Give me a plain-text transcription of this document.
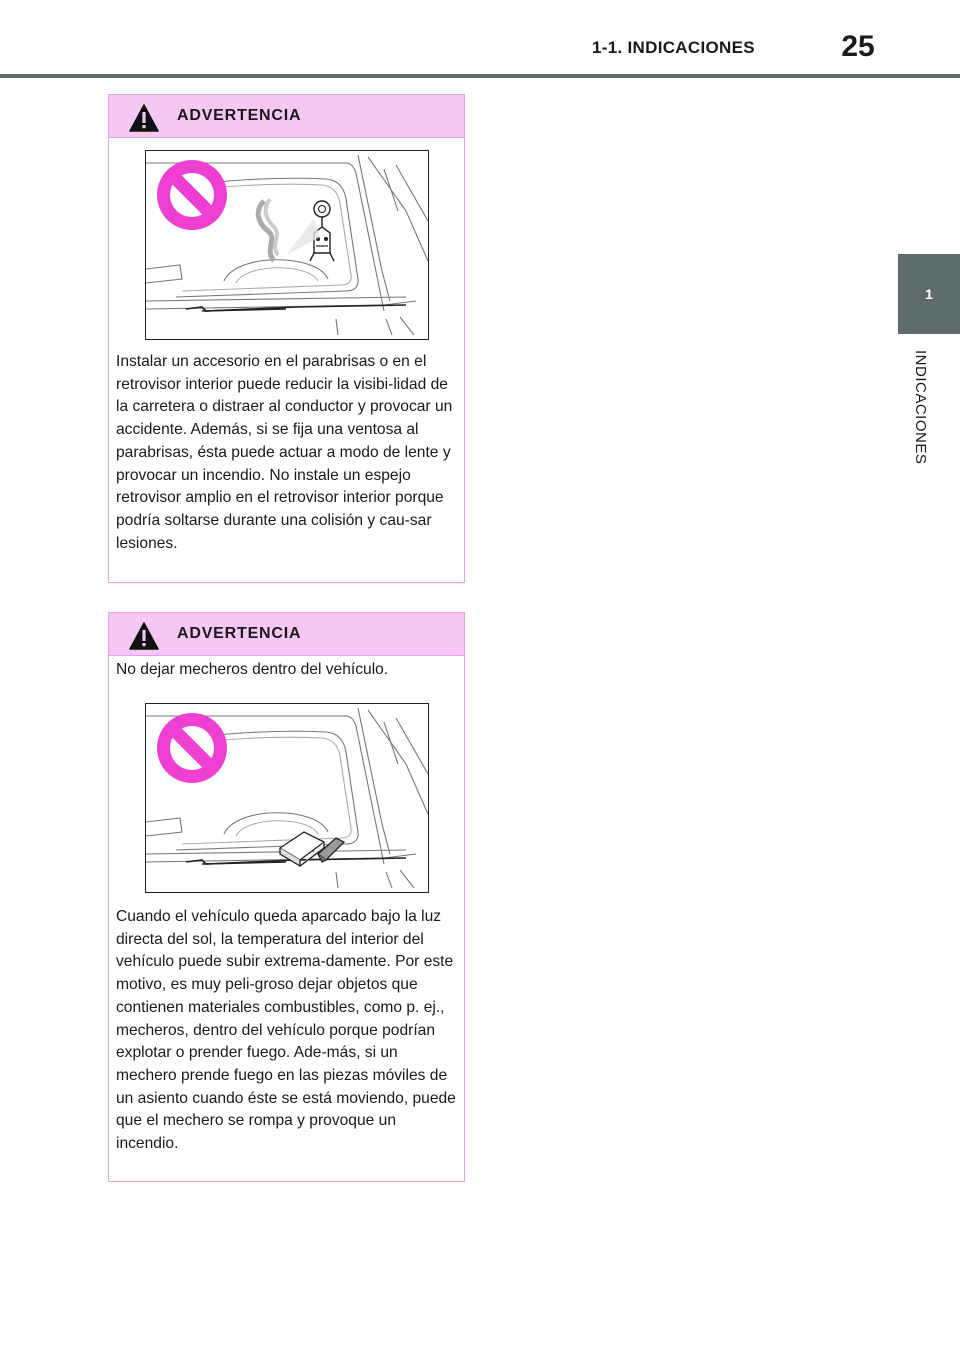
1-1. INDICACIONES	25
1
INDICACIONES
ADVERTENCIA

Instalar un accesorio en el parabrisas o en el retrovisor interior puede reducir la visibi-lidad de la carretera o distraer al conductor y provocar un accidente. Además, si se fija una ventosa al parabrisas, ésta puede actuar a modo de lente y provocar un incendio. No instale un espejo retrovisor amplio en el retrovisor interior porque podría soltarse durante una colisión y cau-sar lesiones.

ADVERTENCIA

No dejar mecheros dentro del vehículo.

Cuando el vehículo queda aparcado bajo la luz directa del sol, la temperatura del interior del vehículo puede subir extrema-damente. Por este motivo, es muy peli-groso dejar objetos que contienen materiales combustibles, como p. ej., mecheros, dentro del vehículo porque podrían explotar o prender fuego. Ade-más, si un mechero prende fuego en las piezas móviles de un asiento cuando éste se está moviendo, puede que el mechero se rompa y provoque un incendio.
